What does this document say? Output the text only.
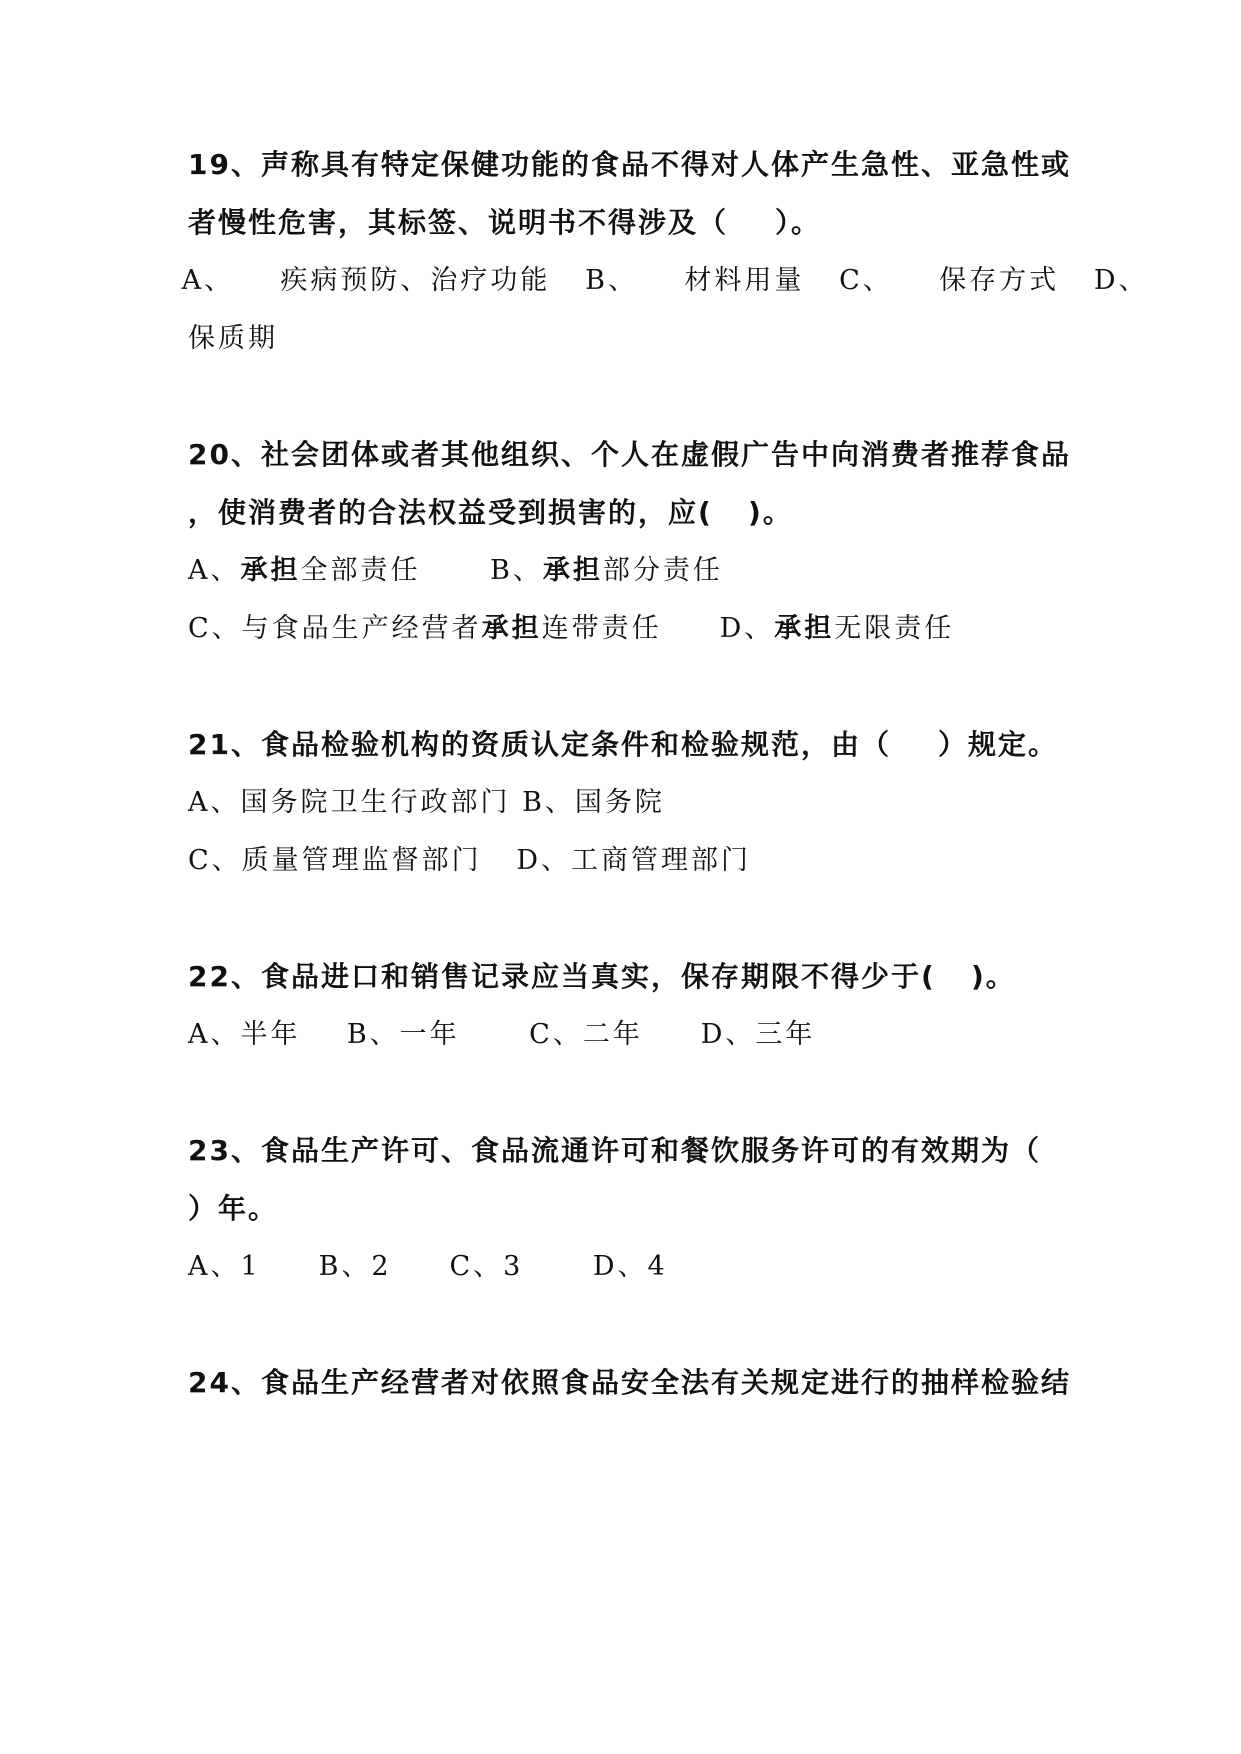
19、声称具有特定保健功能的食品不得对人体产生急性、亚急性或
者慢性危害，其标签、说明书不得涉及（    ）。
A、    疾病预防、治疗功能   B、    材料用量   C、    保存方式   D、
保质期
20、社会团体或者其他组织、个人在虚假广告中向消费者推荐食品
，使消费者的合法权益受到损害的，应(   )。
A、承担全部责任      B、承担部分责任
C、与食品生产经营者承担连带责任     D、承担无限责任
21、食品检验机构的资质认定条件和检验规范，由（    ）规定。
A、国务院卫生行政部门 B、国务院
C、质量管理监督部门   D、工商管理部门
22、食品进口和销售记录应当真实，保存期限不得少于(   )。
A、半年    B、一年      C、二年     D、三年
23、食品生产许可、食品流通许可和餐饮服务许可的有效期为（
）年。
A、1     B、2     C、3      D、4
24、食品生产经营者对依照食品安全法有关规定进行的抽样检验结
